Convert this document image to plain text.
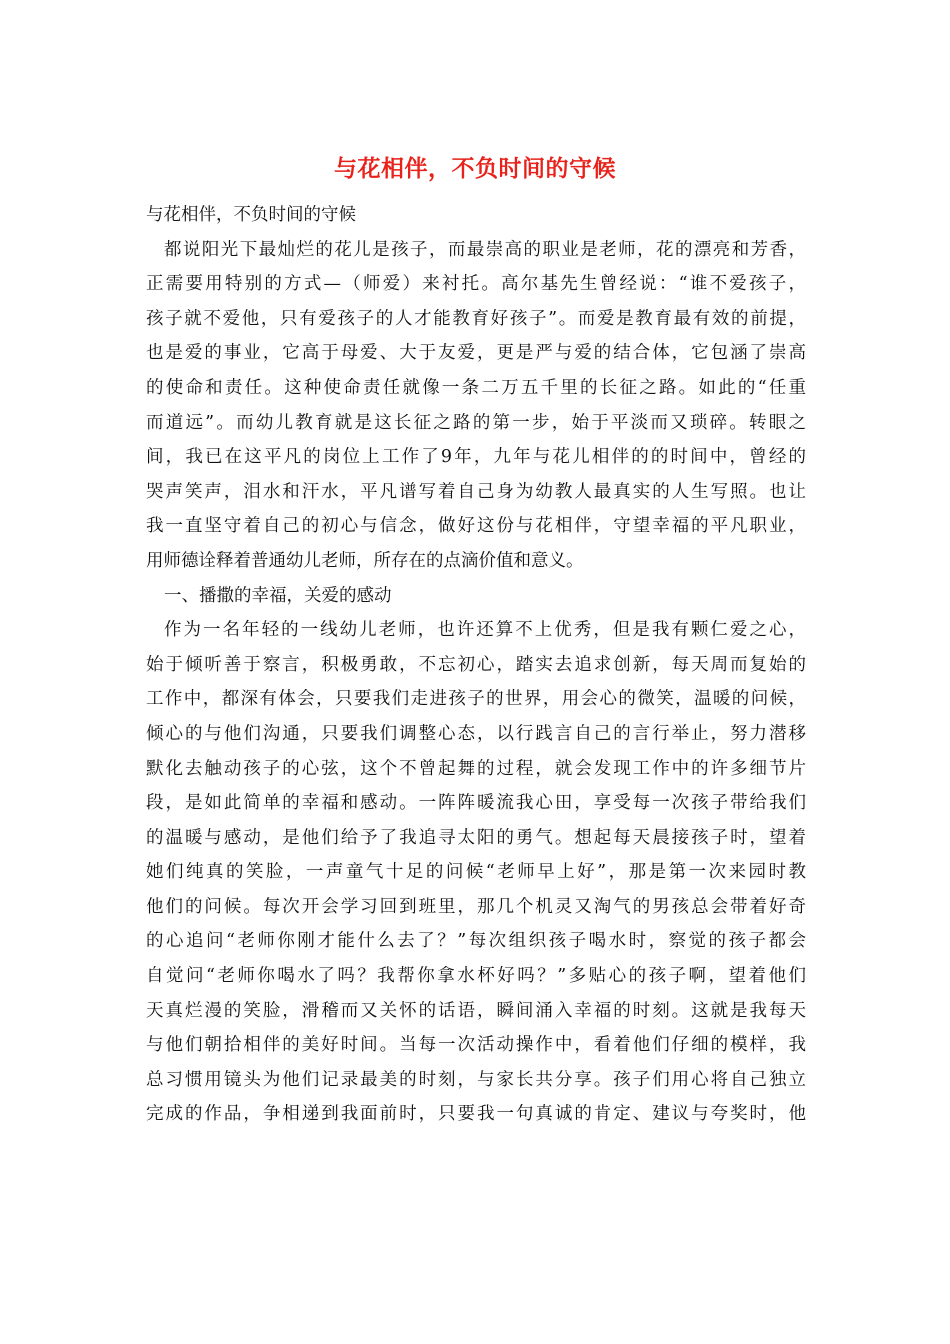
与花相伴，不负时间的守候
与花相伴，不负时间的守候
都说阳光下最灿烂的花儿是孩子，而最崇高的职业是老师，花的漂亮和芳香，
正需要用特别的方式—（师爱）来衬托。高尔基先生曾经说：“谁不爱孩子，
孩子就不爱他，只有爱孩子的人才能教育好孩子”。而爱是教育最有效的前提，
也是爱的事业，它高于母爱、大于友爱，更是严与爱的结合体，它包涵了崇高
的使命和责任。这种使命责任就像一条二万五千里的长征之路。如此的“任重
而道远”。而幼儿教育就是这长征之路的第一步，始于平淡而又琐碎。转眼之
间，我已在这平凡的岗位上工作了9年，九年与花儿相伴的的时间中，曾经的
哭声笑声，泪水和汗水，平凡谱写着自己身为幼教人最真实的人生写照。也让
我一直坚守着自己的初心与信念，做好这份与花相伴，守望幸福的平凡职业，
用师德诠释着普通幼儿老师，所存在的点滴价值和意义。
一、播撒的幸福，关爱的感动
作为一名年轻的一线幼儿老师，也许还算不上优秀，但是我有颗仁爱之心，
始于倾听善于察言，积极勇敢，不忘初心，踏实去追求创新，每天周而复始的
工作中，都深有体会，只要我们走进孩子的世界，用会心的微笑，温暖的问候，
倾心的与他们沟通，只要我们调整心态，以行践言自己的言行举止，努力潜移
默化去触动孩子的心弦，这个不曾起舞的过程，就会发现工作中的许多细节片
段，是如此简单的幸福和感动。一阵阵暖流我心田，享受每一次孩子带给我们
的温暖与感动，是他们给予了我追寻太阳的勇气。想起每天晨接孩子时，望着
她们纯真的笑脸，一声童气十足的问候“老师早上好”，那是第一次来园时教
他们的问候。每次开会学习回到班里，那几个机灵又淘气的男孩总会带着好奇
的心追问“老师你刚才能什么去了？”每次组织孩子喝水时，察觉的孩子都会
自觉问“老师你喝水了吗？我帮你拿水杯好吗？”多贴心的孩子啊，望着他们
天真烂漫的笑脸，滑稽而又关怀的话语，瞬间涌入幸福的时刻。这就是我每天
与他们朝拾相伴的美好时间。当每一次活动操作中，看着他们仔细的模样，我
总习惯用镜头为他们记录最美的时刻，与家长共分享。孩子们用心将自己独立
完成的作品，争相递到我面前时，只要我一句真诚的肯定、建议与夸奖时，他
